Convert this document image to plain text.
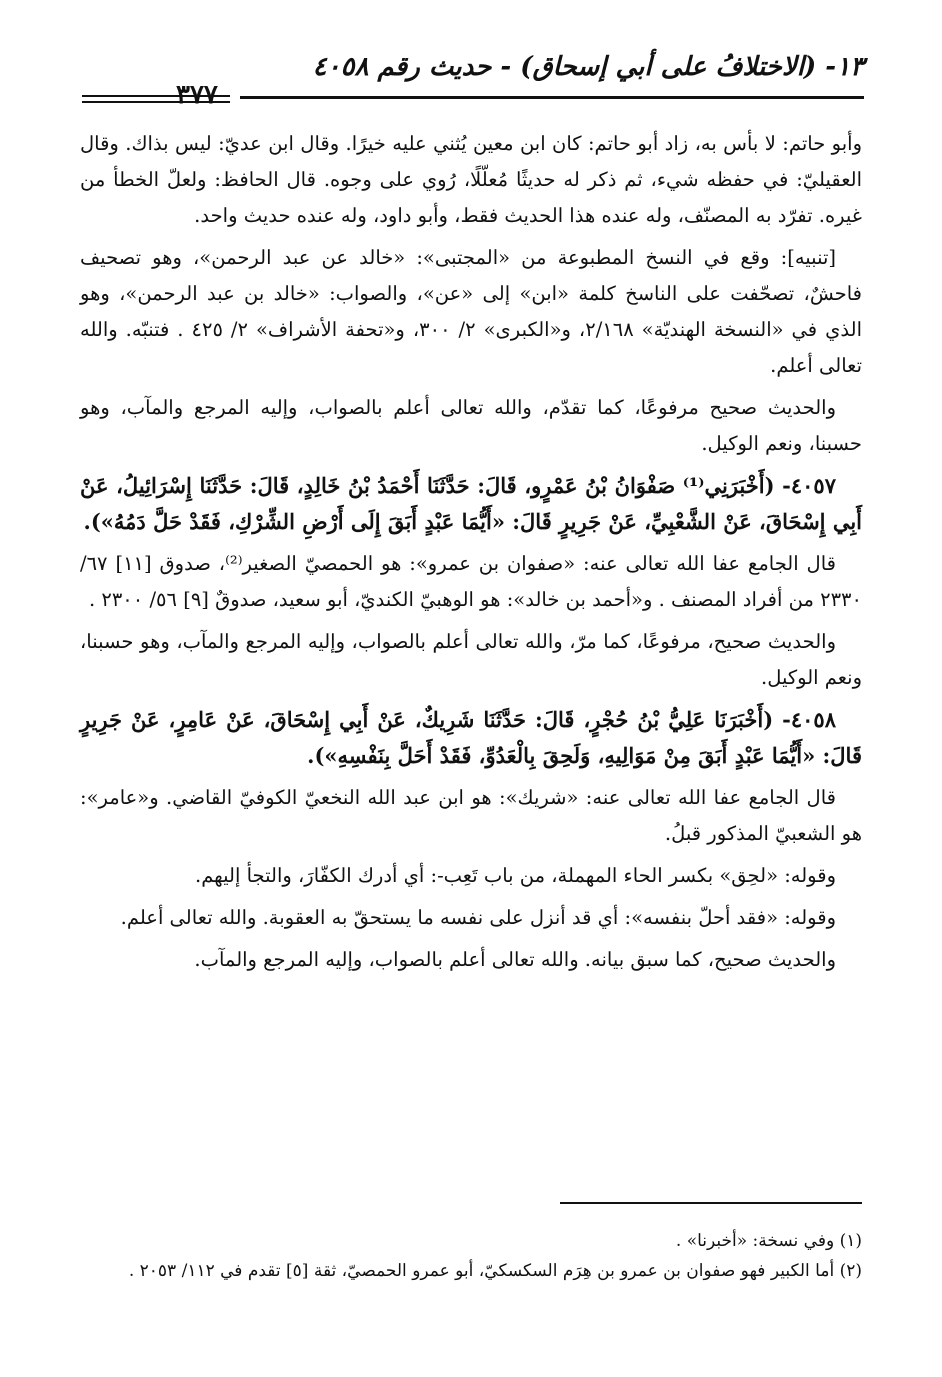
١٣- (الاختلافُ على أبي إسحاق) - حديث رقم ٤٠٥٨
٣٧٧

وأبو حاتم: لا بأس به، زاد أبو حاتم: كان ابن معين يُثني عليه خيرًا. وقال ابن عديّ: ليس بذاك. وقال العقيليّ: في حفظه شيء، ثم ذكر له حديثًا مُعلّلًا، رُوي على وجوه. قال الحافظ: ولعلّ الخطأ من غيره. تفرّد به المصنّف، وله عنده هذا الحديث فقط، وأبو داود، وله عنده حديث واحد.

[تنبيه]: وقع في النسخ المطبوعة من «المجتبى»: «خالد عن عبد الرحمن»، وهو تصحيف فاحشٌ، تصحّفت على الناسخ كلمة «ابن» إلى «عن»، والصواب: «خالد بن عبد الرحمن»، وهو الذي في «النسخة الهنديّة» ٢/١٦٨، و«الكبرى» ٢/ ٣٠٠، و«تحفة الأشراف» ٢/ ٤٢٥ . فتنبّه. والله تعالى أعلم.

والحديث صحيح مرفوعًا، كما تقدّم، والله تعالى أعلم بالصواب، وإليه المرجع والمآب، وهو حسبنا، ونعم الوكيل.

٤٠٥٧- (أَخْبَرَنِي⁽¹⁾ صَفْوَانُ بْنُ عَمْرٍو، قَالَ: حَدَّثَنَا أَحْمَدُ بْنُ خَالِدٍ، قَالَ: حَدَّثَنَا إِسْرَائِيلُ، عَنْ أَبِي إِسْحَاقَ، عَنْ الشَّعْبِيِّ، عَنْ جَرِيرٍ قَالَ: «أَيُّمَا عَبْدٍ أَبَقَ إِلَى أَرْضِ الشِّرْكِ، فَقَدْ حَلَّ دَمُهُ»).

قال الجامع عفا الله تعالى عنه: «صفوان بن عمرو»: هو الحمصيّ الصغير⁽²⁾، صدوق [١١] ٦٧/ ٢٣٣٠ من أفراد المصنف . و«أحمد بن خالد»: هو الوهبيّ الكنديّ، أبو سعيد، صدوقٌ [٩] ٥٦/ ٢٣٠٠ .

والحديث صحيح، مرفوعًا، كما مرّ، والله تعالى أعلم بالصواب، وإليه المرجع والمآب، وهو حسبنا، ونعم الوكيل.

٤٠٥٨- (أَخْبَرَنَا عَلِيُّ بْنُ حُجْرٍ، قَالَ: حَدَّثَنَا شَرِيكٌ، عَنْ أَبِي إِسْحَاقَ، عَنْ عَامِرٍ، عَنْ جَرِيرٍ قَالَ: «أَيُّمَا عَبْدٍ أَبَقَ مِنْ مَوَالِيهِ، وَلَحِقَ بِالْعَدُوِّ، فَقَدْ أَحَلَّ بِنَفْسِهِ»).

قال الجامع عفا الله تعالى عنه: «شريك»: هو ابن عبد الله النخعيّ الكوفيّ القاضي. و«عامر»: هو الشعبيّ المذكور قبلُ.

وقوله: «لحِق» بكسر الحاء المهملة، من باب تَعِب-: أي أدرك الكفّارَ، والتجأ إليهم.

وقوله: «فقد أحلّ بنفسه»: أي قد أنزل على نفسه ما يستحقّ به العقوبة. والله تعالى أعلم.

والحديث صحيح، كما سبق بيانه. والله تعالى أعلم بالصواب، وإليه المرجع والمآب.

(١) وفي نسخة: «أخبرنا» .

(٢) أما الكبير فهو صفوان بن عمرو بن هِرَم السكسكيّ، أبو عمرو الحمصيّ، ثقة [٥] تقدم في ١١٢/ ٢٠٥٣ .
